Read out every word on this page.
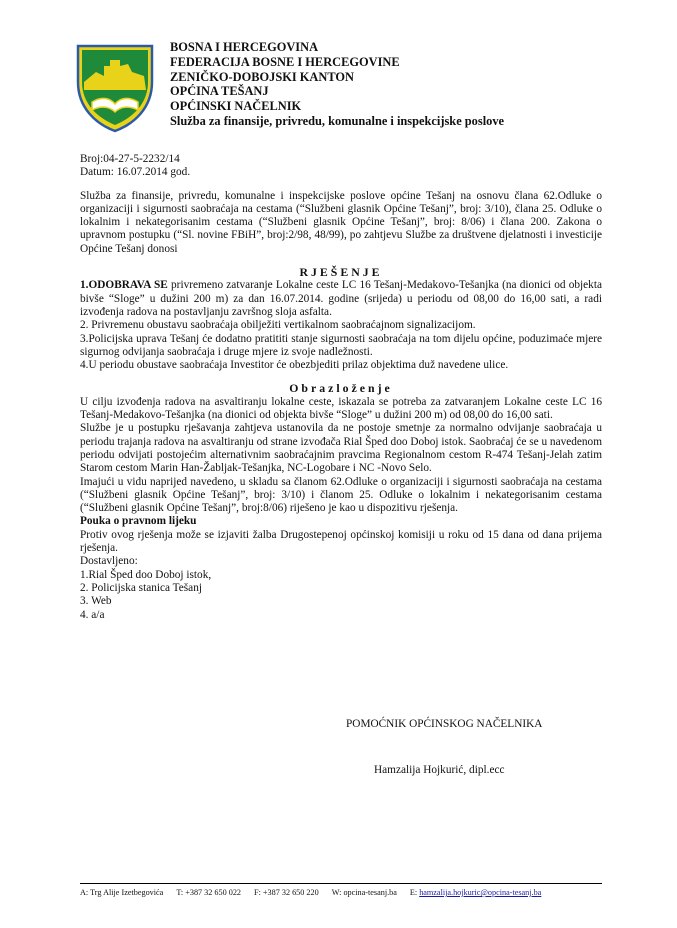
BOSNA I HERCEGOVINA
FEDERACIJA BOSNE I HERCEGOVINE
ZENIČKO-DOBOJSKI KANTON
OPĆINA TEŠANJ
OPĆINSKI NAČELNIK
Služba za finansije, privredu, komunalne i inspekcijske poslove

Broj:04-27-5-2232/14

Datum: 16.07.2014 god.

Služba za finansije, privredu, komunalne i inspekcijske poslove općine Tešanj na osnovu člana 62.Odluke o organizaciji i sigurnosti saobraćaja na cestama (“Službeni glasnik Općine Tešanj”, broj: 3/10), člana 25. Odluke o lokalnim i nekategorisanim cestama (“Službeni glasnik Općine Tešanj”, broj: 8/06) i člana 200. Zakona o upravnom postupku (“Sl. novine FBiH”, broj:2/98, 48/99), po zahtjevu Službe za društvene djelatnosti i investicije Općine Tešanj donosi

RJEŠENJE

1.ODOBRAVA SE privremeno zatvaranje Lokalne ceste LC 16 Tešanj-Medakovo-Tešanjka (na dionici od objekta bivše “Sloge” u dužini 200 m) za dan 16.07.2014. godine (srijeda) u periodu od 08,00 do 16,00 sati, a radi izvođenja radova na postavljanju završnog sloja asfalta.

2. Privremenu obustavu saobraćaja obilježiti vertikalnom saobraćajnom signalizacijom.

3.Policijska uprava Tešanj će dodatno pratititi stanje sigurnosti saobraćaja na tom dijelu općine, poduzimaće mjere sigurnog odvijanja saobraćaja i druge mjere iz svoje nadležnosti.

4.U periodu obustave saobraćaja Investitor će obezbjediti prilaz objektima duž navedene ulice.

Obrazloženje

U cilju izvođenja radova na asvaltiranju lokalne ceste, iskazala se potreba za zatvaranjem Lokalne ceste LC 16 Tešanj-Medakovo-Tešanjka (na dionici od objekta bivše “Sloge” u dužini 200 m) od 08,00 do 16,00 sati.

Službe je u postupku rješavanja zahtjeva ustanovila da ne postoje smetnje za normalno odvijanje saobraćaja u periodu trajanja radova na asvaltiranju od strane izvođača Rial Šped doo Doboj istok. Saobraćaj će se u navedenom periodu odvijati postojećim alternativnim saobraćajnim pravcima Regionalnom cestom R-474 Tešanj-Jelah zatim Starom cestom Marin Han-Žabljak-Tešanjka, NC-Logobare i NC -Novo Selo.

Imajući u vidu naprijed navedeno, u skladu sa članom 62.Odluke o organizaciji i sigurnosti saobraćaja na cestama (“Službeni glasnik Općine Tešanj”, broj: 3/10) i članom 25. Odluke o lokalnim i nekategorisanim cestama (“Službeni glasnik Općine Tešanj”, broj:8/06) riješeno je kao u dispozitivu rješenja.

Pouka o pravnom lijeku

Protiv ovog rješenja može se izjaviti žalba Drugostepenoj općinskoj komisiji u roku od 15 dana od dana prijema rješenja.

Dostavljeno:

1.Rial Šped doo Doboj istok,

2. Policijska stanica Tešanj

3. Web

4. a/a

POMOĆNIK OPĆINSKOG NAČELNIKA
Hamzalija Hojkurić, dipl.ecc
A: Trg Alije Izetbegovića T: +387 32 650 022 F: +387 32 650 220 W: opcina-tesanj.ba E: hamzalija.hojkuric@opcina-tesanj.ba
